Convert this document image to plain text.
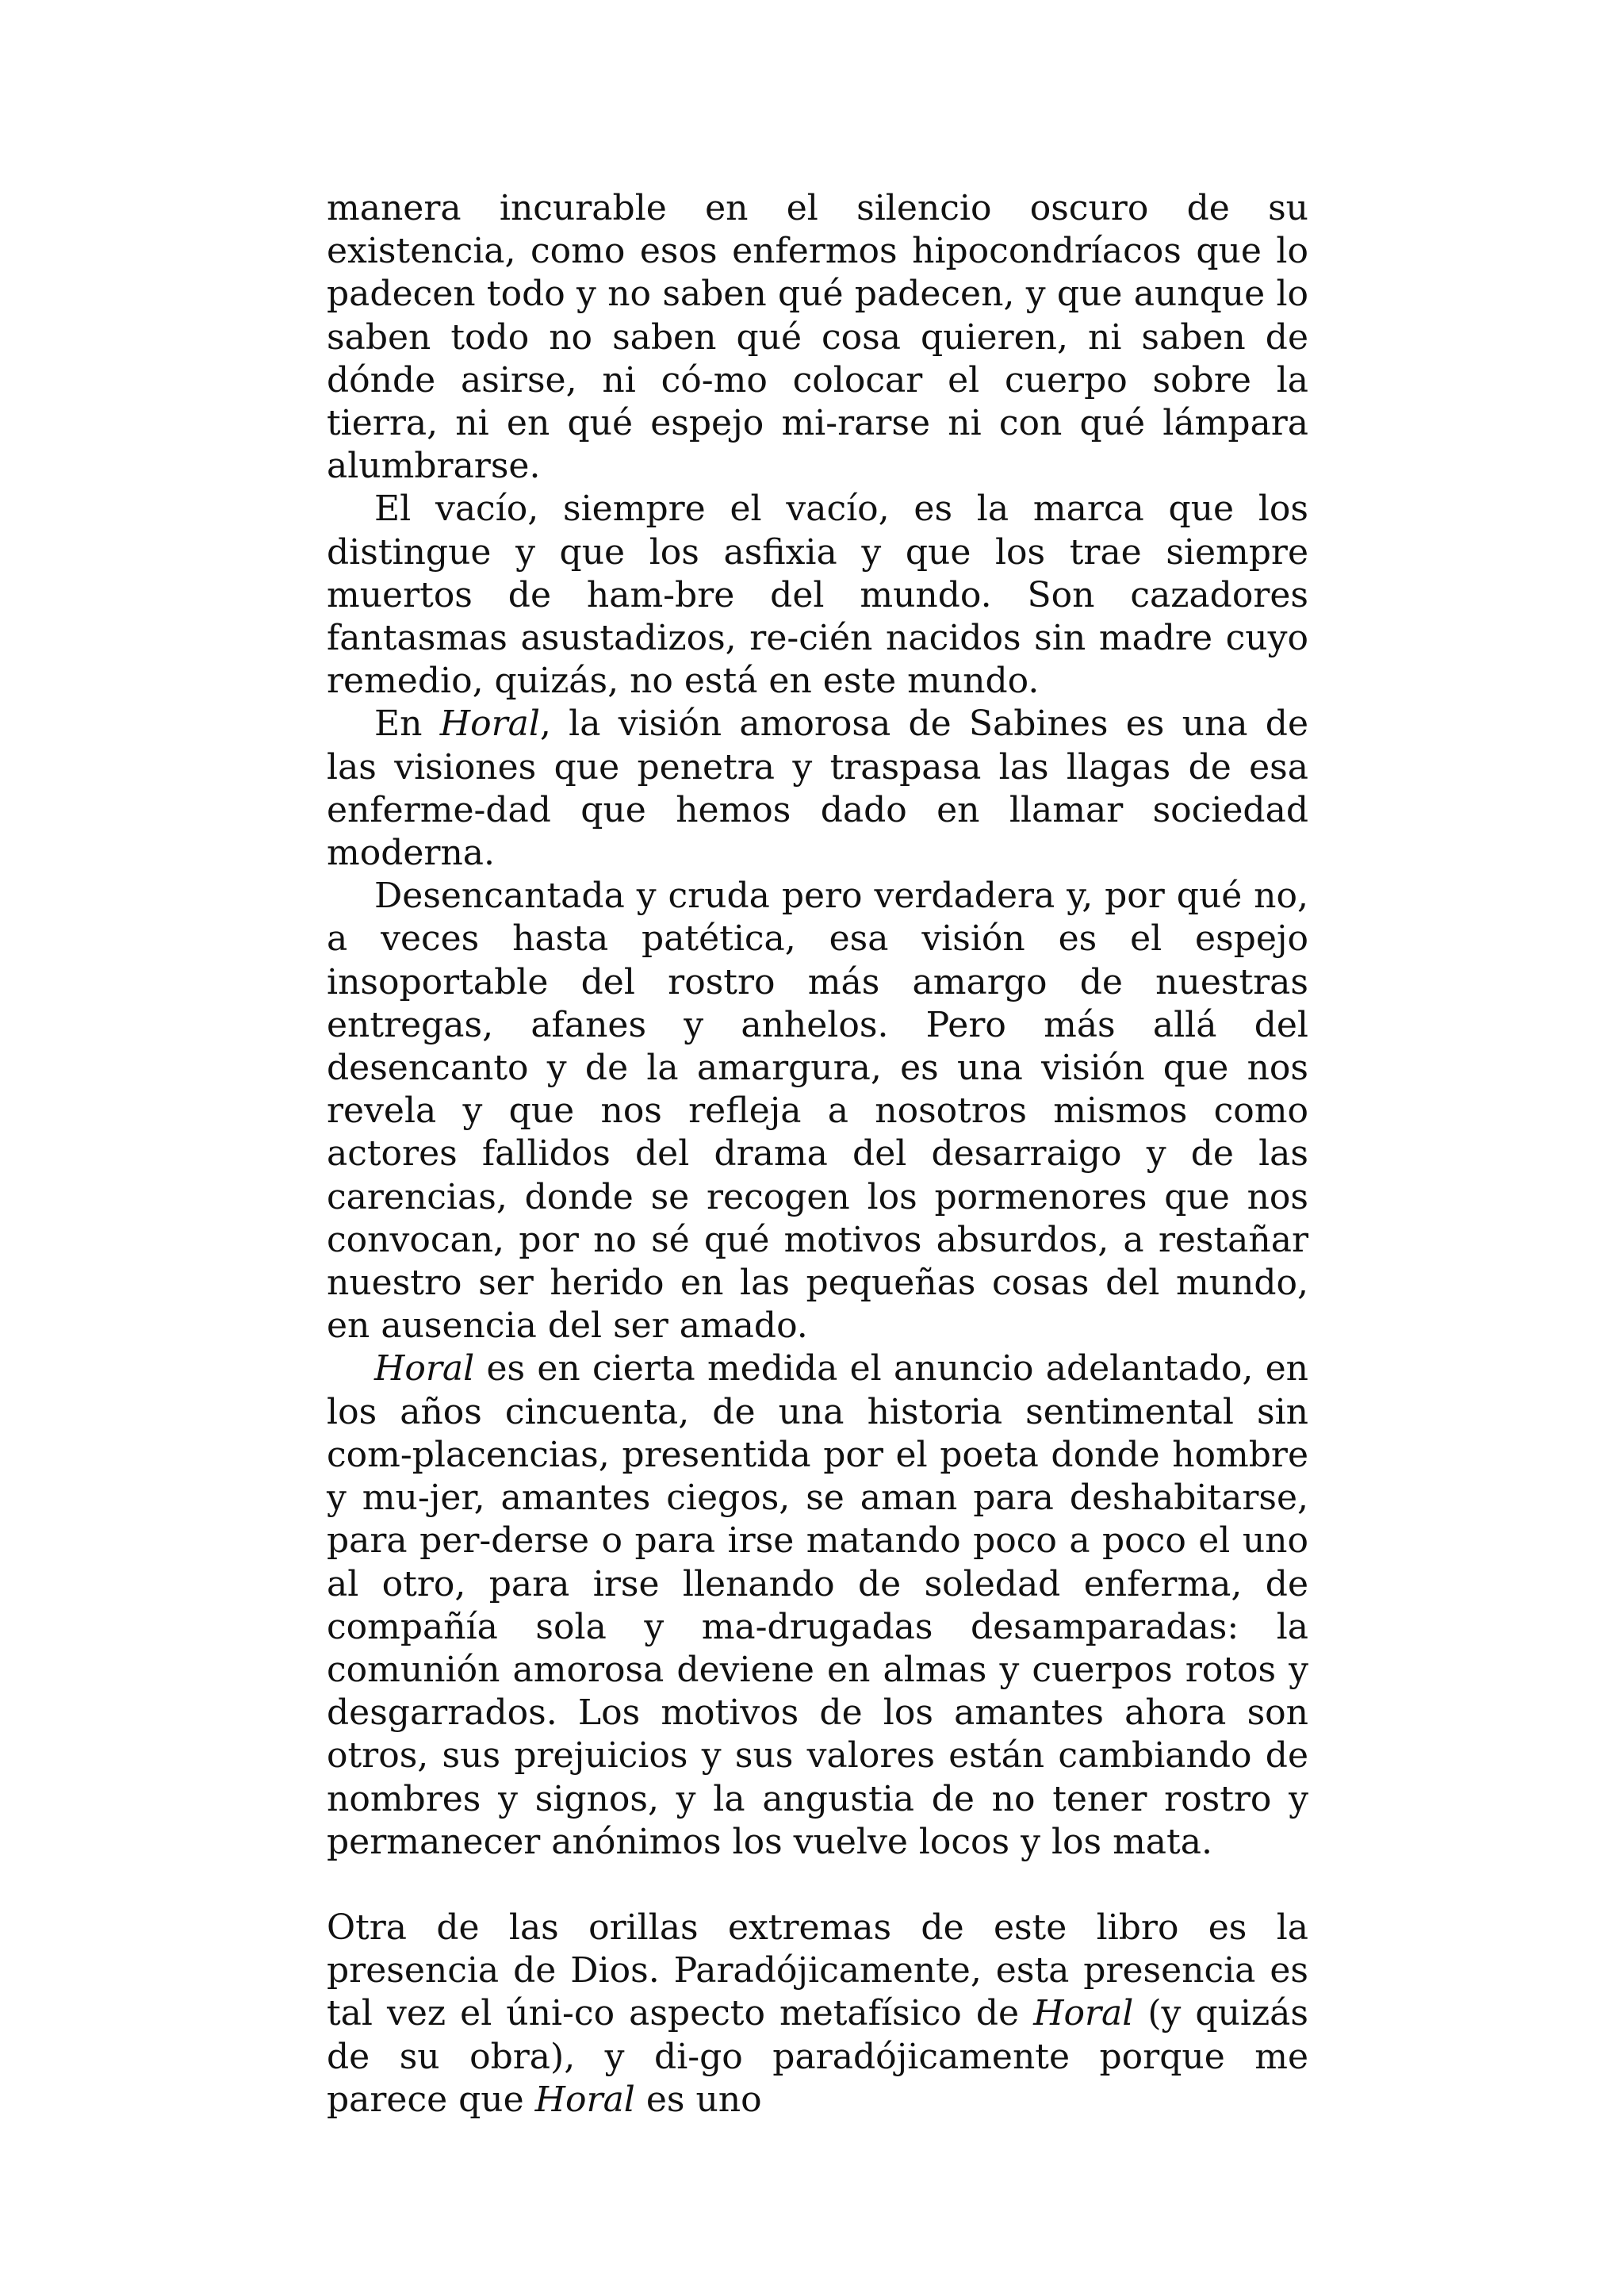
manera incurable en el silencio oscuro de su existencia, como esos enfermos hipocondríacos que lo padecen todo y no saben qué padecen, y que aunque lo saben todo no saben qué cosa quieren, ni saben de dónde asirse, ni có-mo colocar el cuerpo sobre la tierra, ni en qué espejo mi-rarse ni con qué lámpara alumbrarse.

El vacío, siempre el vacío, es la marca que los distingue y que los asfixia y que los trae siempre muertos de ham-bre del mundo. Son cazadores fantasmas asustadizos, re-cién nacidos sin madre cuyo remedio, quizás, no está en este mundo.

En Horal, la visión amorosa de Sabines es una de las visiones que penetra y traspasa las llagas de esa enferme-dad que hemos dado en llamar sociedad moderna.

Desencantada y cruda pero verdadera y, por qué no, a veces hasta patética, esa visión es el espejo insoportable del rostro más amargo de nuestras entregas, afanes y anhelos. Pero más allá del desencanto y de la amargura, es una visión que nos revela y que nos refleja a nosotros mismos como actores fallidos del drama del desarraigo y de las carencias, donde se recogen los pormenores que nos convocan, por no sé qué motivos absurdos, a restañar nuestro ser herido en las pequeñas cosas del mundo, en ausencia del ser amado.

Horal es en cierta medida el anuncio adelantado, en los años cincuenta, de una historia sentimental sin com-placencias, presentida por el poeta donde hombre y mu-jer, amantes ciegos, se aman para deshabitarse, para per-derse o para irse matando poco a poco el uno al otro, para irse llenando de soledad enferma, de compañía sola y ma-drugadas desamparadas: la comunión amorosa deviene en almas y cuerpos rotos y desgarrados. Los motivos de los amantes ahora son otros, sus prejuicios y sus valores están cambiando de nombres y signos, y la angustia de no tener rostro y permanecer anónimos los vuelve locos y los mata.

Otra de las orillas extremas de este libro es la presencia de Dios. Paradójicamente, esta presencia es tal vez el úni-co aspecto metafísico de Horal (y quizás de su obra), y di-go paradójicamente porque me parece que Horal es uno
